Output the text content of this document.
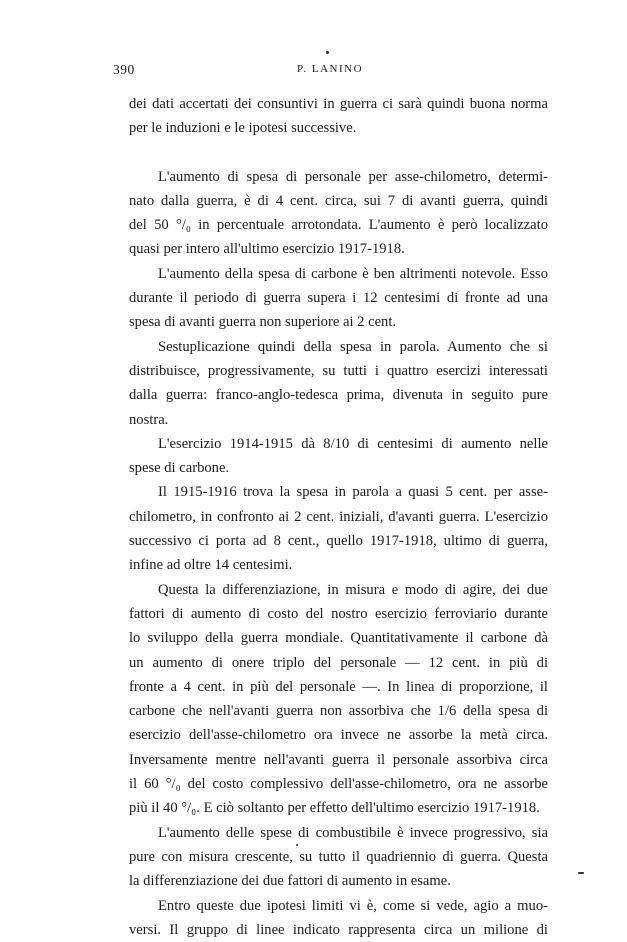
390	P. LANINO
dei dati accertati dei consuntivi in guerra ci sarà quindi buona norma
per le induzioni e le ipotesi successive.
L'aumento di spesa di personale per asse-chilometro, determi-
nato dalla guerra, è di 4 cent. circa, sui 7 di avanti guerra, quindi
del 50 °/₀ in percentuale arrotondata. L'aumento è però localizzato
quasi per intero all'ultimo esercizio 1917-1918.
L'aumento della spesa di carbone è ben altrimenti notevole. Esso
durante il periodo di guerra supera i 12 centesimi di fronte ad una
spesa di avanti guerra non superiore ai 2 cent.
Sestuplicazione quindi della spesa in parola. Aumento che si
distribuisce, progressivamente, su tutti i quattro esercizi interessati
dalla guerra: franco-anglo-tedesca prima, divenuta in seguito pure
nostra.
L'esercizio 1914-1915 dà 8/10 di centesimi di aumento nelle
spese di carbone.
Il 1915-1916 trova la spesa in parola a quasi 5 cent. per asse-
chilometro, in confronto ai 2 cent. iniziali, d'avanti guerra. L'esercizio
successivo ci porta ad 8 cent., quello 1917-1918, ultimo di guerra,
infine ad oltre 14 centesimi.
Questa la differenziazione, in misura e modo di agire, dei due
fattori di aumento di costo del nostro esercizio ferroviario durante
lo sviluppo della guerra mondiale. Quantitativamente il carbone dà
un aumento di onere triplo del personale — 12 cent. in più di
fronte a 4 cent. in più del personale —. In linea di proporzione, il
carbone che nell'avanti guerra non assorbiva che 1/6 della spesa di
esercizio dell'asse-chilometro ora invece ne assorbe la metà circa.
Inversamente mentre nell'avanti guerra il personale assorbiva circa
il 60 °/₀ del costo complessivo dell'asse-chilometro, ora ne assorbe
più il 40 °/₀. E ciò soltanto per effetto dell'ultimo esercizio 1917-1918.
L'aumento delle spese di combustibile è invece progressivo, sia
pure con misura crescente, su tutto il quadriennio di guerra. Questa
la differenziazione dei due fattori di aumento in esame.
Entro queste due ipotesi limiti vi è, come si vede, agio a muo-
versi. Il gruppo di linee indicato rappresenta circa un milione di
